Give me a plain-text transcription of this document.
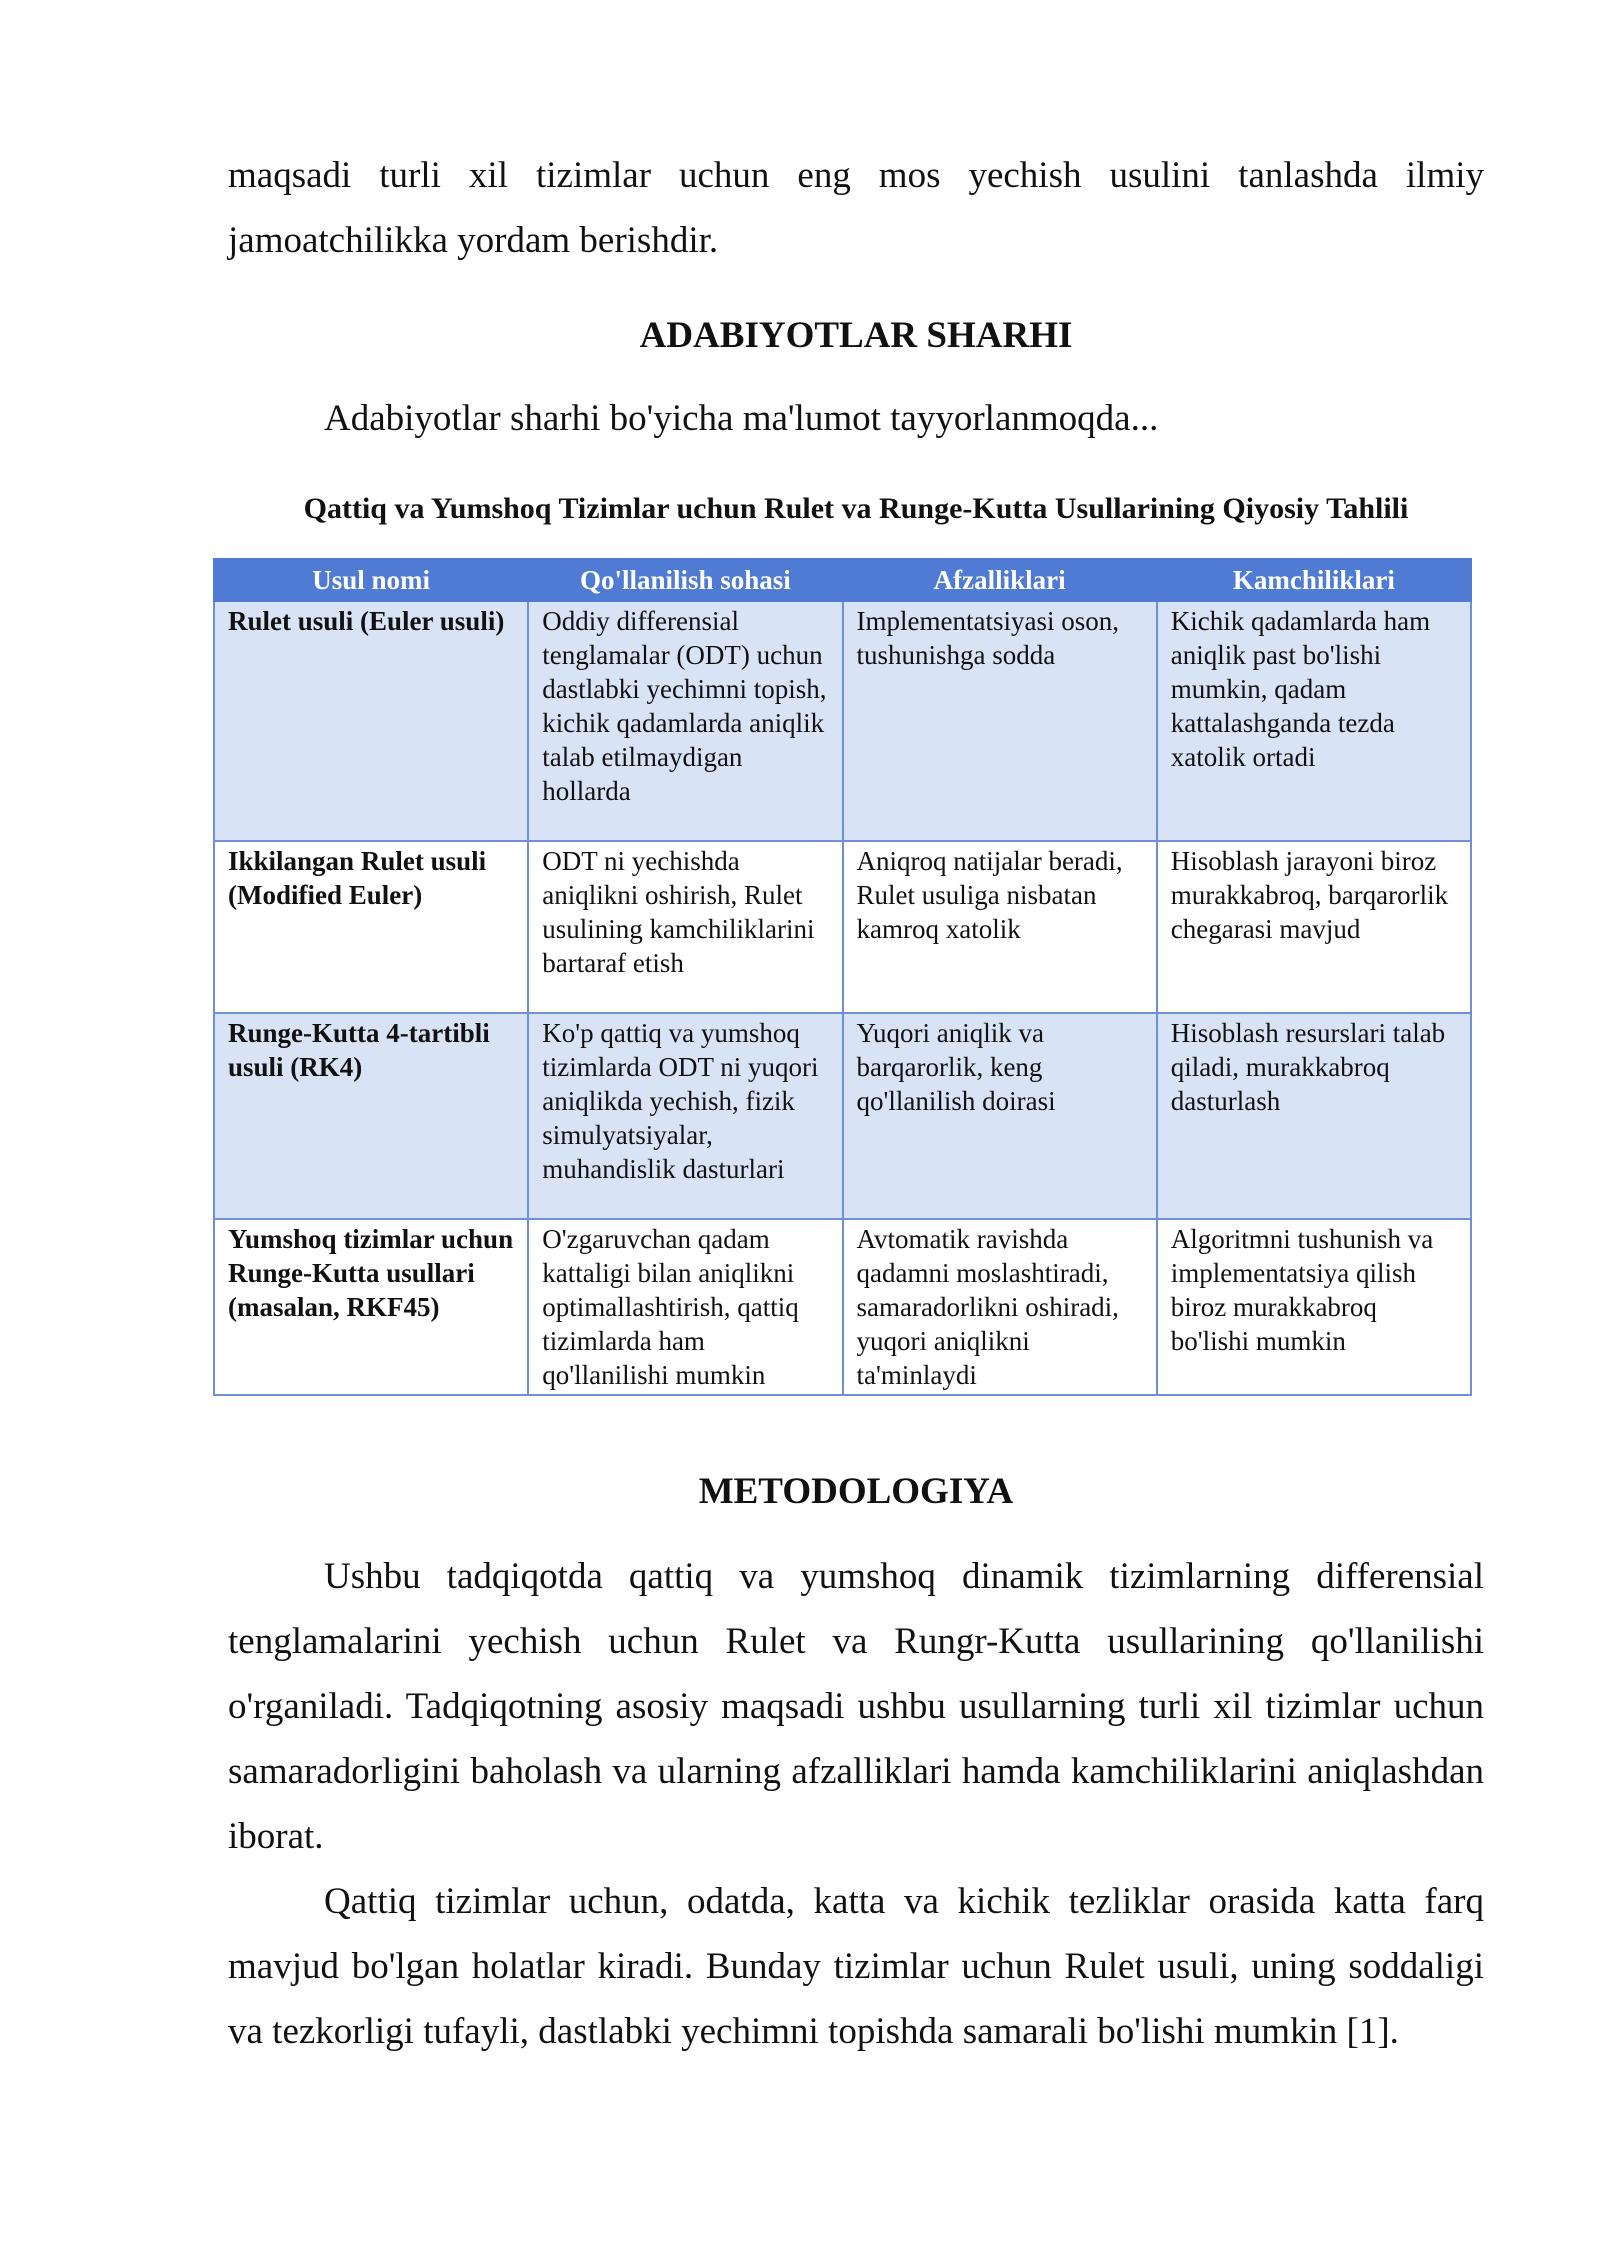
maqsadi turli xil tizimlar uchun eng mos yechish usulini tanlashda ilmiy jamoatchilikka yordam berishdir.

ADABIYOTLAR SHARHI

Adabiyotlar sharhi bo'yicha ma'lumot tayyorlanmoqda...

Qattiq va Yumshoq Tizimlar uchun Rulet va Runge-Kutta Usullarining Qiyosiy Tahlili

Usul nomi	Qo'llanilish sohasi	Afzalliklari	Kamchiliklari
Rulet usuli (Euler usuli)	Oddiy differensial tenglamalar (ODT) uchun dastlabki yechimni topish, kichik qadamlarda aniqlik talab etilmaydigan hollarda	Implementatsiyasi oson, tushunishga sodda	Kichik qadamlarda ham aniqlik past bo'lishi mumkin, qadam kattalashganda tezda xatolik ortadi
Ikkilangan Rulet usuli (Modified Euler)	ODT ni yechishda aniqlikni oshirish, Rulet usulining kamchiliklarini bartaraf etish	Aniqroq natijalar beradi, Rulet usuliga nisbatan kamroq xatolik	Hisoblash jarayoni biroz murakkabroq, barqarorlik chegarasi mavjud
Runge-Kutta 4-tartibli usuli (RK4)	Ko'p qattiq va yumshoq tizimlarda ODT ni yuqori aniqlikda yechish, fizik simulyatsiyalar, muhandislik dasturlari	Yuqori aniqlik va barqarorlik, keng qo'llanilish doirasi	Hisoblash resurslari talab qiladi, murakkabroq dasturlash
Yumshoq tizimlar uchun Runge-Kutta usullari (masalan, RKF45)	O'zgaruvchan qadam kattaligi bilan aniqlikni optimallashtirish, qattiq tizimlarda ham qo'llanilishi mumkin	Avtomatik ravishda qadamni moslashtiradi, samaradorlikni oshiradi, yuqori aniqlikni ta'minlaydi	Algoritmni tushunish va implementatsiya qilish biroz murakkabroq bo'lishi mumkin
METODOLOGIYA

Ushbu tadqiqotda qattiq va yumshoq dinamik tizimlarning differensial tenglamalarini yechish uchun Rulet va Rungr-Kutta usullarining qo'llanilishi o'rganiladi. Tadqiqotning asosiy maqsadi ushbu usullarning turli xil tizimlar uchun samaradorligini baholash va ularning afzalliklari hamda kamchiliklarini aniqlashdan iborat.

Qattiq tizimlar uchun, odatda, katta va kichik tezliklar orasida katta farq mavjud bo'lgan holatlar kiradi. Bunday tizimlar uchun Rulet usuli, uning soddaligi va tezkorligi tufayli, dastlabki yechimni topishda samarali bo'lishi mumkin [1].
